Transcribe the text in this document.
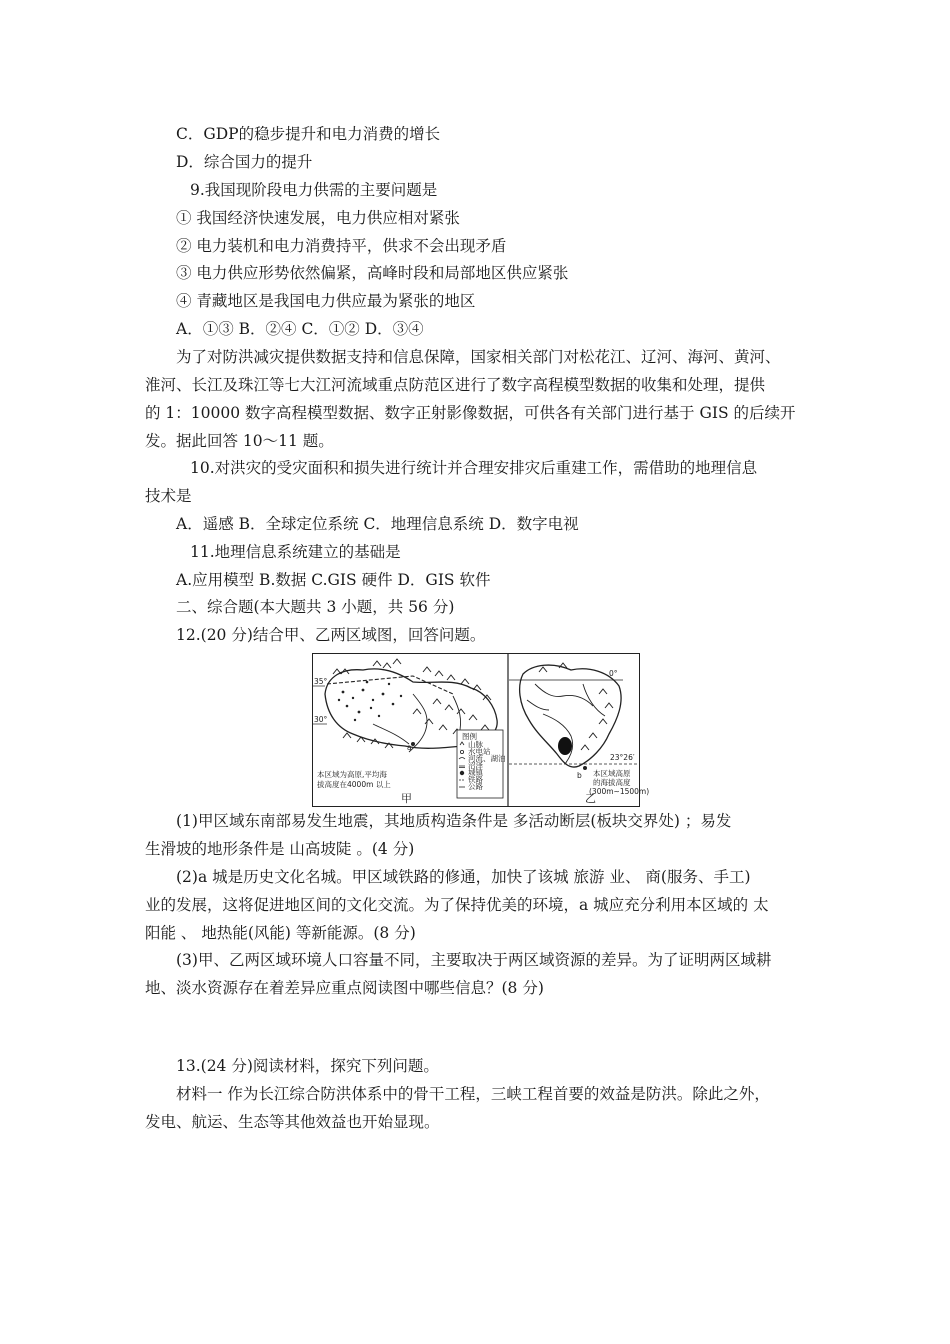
C．GDP的稳步提升和电力消费的增长
D．综合国力的提升
9.我国现阶段电力供需的主要问题是
① 我国经济快速发展，电力供应相对紧张
② 电力装机和电力消费持平，供求不会出现矛盾
③ 电力供应形势依然偏紧，高峰时段和局部地区供应紧张
④ 青藏地区是我国电力供应最为紧张的地区
A．①③ B．②④ C．①② D．③④
为了对防洪减灾提供数据支持和信息保障，国家相关部门对松花江、辽河、海河、黄河、
淮河、长江及珠江等七大江河流域重点防范区进行了数字高程模型数据的收集和处理，提供
的 1：10000 数字高程模型数据、数字正射影像数据，可供各有关部门进行基于 GIS 的后续开
发。据此回答 10～11 题。
10.对洪灾的受灾面积和损失进行统计并合理安排灾后重建工作，需借助的地理信息
技术是
A．遥感 B．全球定位系统 C．地理信息系统 D．数字电视
11.地理信息系统建立的基础是
A.应用模型 B.数据 C.GIS 硬件 D．GIS 软件
二、综合题(本大题共 3 小题，共 56 分)
12.(20 分)结合甲、乙两区域图，回答问题。
35°
30°
a
本区域为高原,平均海
拔高度在4000m 以上
甲
图例
山脉
水电站
河流、湖泊
沼泽
城镇
铁路
公路
0°
23°26′
b 本区域高原
的海拔高度
(300m~1500m)
乙
(1)甲区域东南部易发生地震，其地质构造条件是 多活动断层(板块交界处) ；易发
生滑坡的地形条件是 山高坡陡 。(4 分)
(2)a 城是历史文化名城。甲区域铁路的修通，加快了该城 旅游 业、 商(服务、手工)
业的发展，这将促进地区间的文化交流。为了保持优美的环境，a 城应充分利用本区域的 太
阳能 、 地热能(风能) 等新能源。(8 分)
(3)甲、乙两区域环境人口容量不同，主要取决于两区域资源的差异。为了证明两区域耕
地、淡水资源存在着差异应重点阅读图中哪些信息？(8 分)
13.(24 分)阅读材料，探究下列问题。
材料一 作为长江综合防洪体系中的骨干工程，三峡工程首要的效益是防洪。除此之外，
发电、航运、生态等其他效益也开始显现。
